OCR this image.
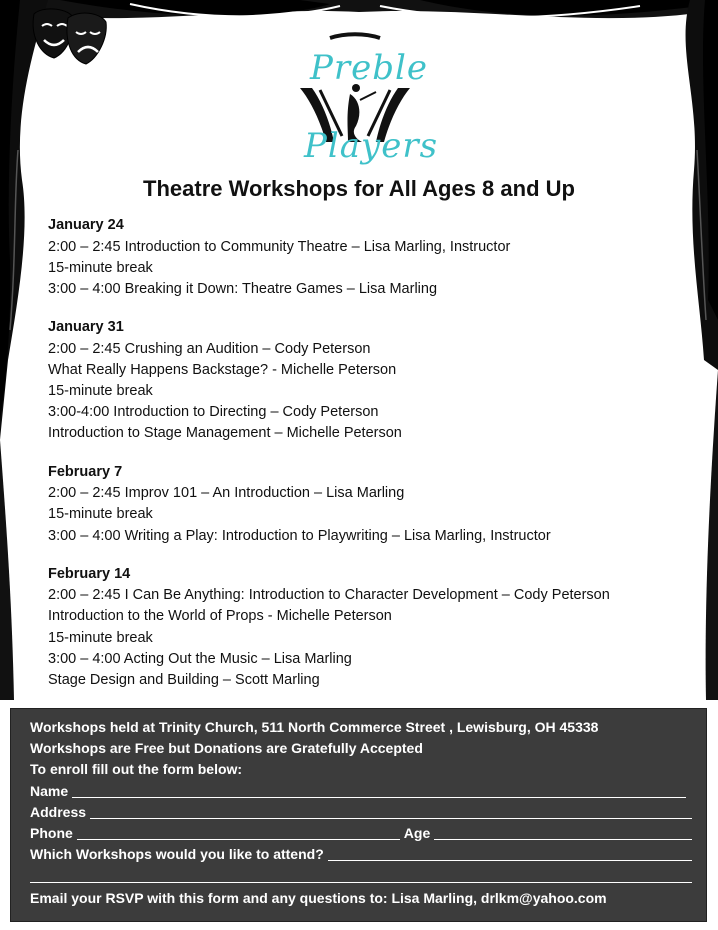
Preble
Players
Theatre Workshops for All Ages 8 and Up
January 24
2:00 – 2:45 Introduction to Community Theatre – Lisa Marling, Instructor
15-minute break
3:00 – 4:00 Breaking it Down: Theatre Games – Lisa Marling
January 31
2:00 – 2:45 Crushing an Audition – Cody Peterson
What Really Happens Backstage? - Michelle Peterson
15-minute break
3:00-4:00 Introduction to Directing – Cody Peterson
Introduction to Stage Management – Michelle Peterson
February 7
2:00 – 2:45 Improv 101 – An Introduction – Lisa Marling
15-minute break
3:00 – 4:00 Writing a Play: Introduction to Playwriting – Lisa Marling, Instructor
February 14
2:00 – 2:45 I Can Be Anything: Introduction to Character Development – Cody Peterson
Introduction to the World of Props - Michelle Peterson
15-minute break
3:00 – 4:00 Acting Out the Music – Lisa Marling
Stage Design and Building – Scott Marling
Workshops held at Trinity Church, 511 North Commerce Street , Lewisburg, OH 45338
Workshops are Free but Donations are Gratefully Accepted
To enroll fill out the form below:
Name
Address
Phone	Age
Which Workshops would you like to attend?
Email your RSVP with this form and any questions to: Lisa Marling, drlkm@yahoo.com
